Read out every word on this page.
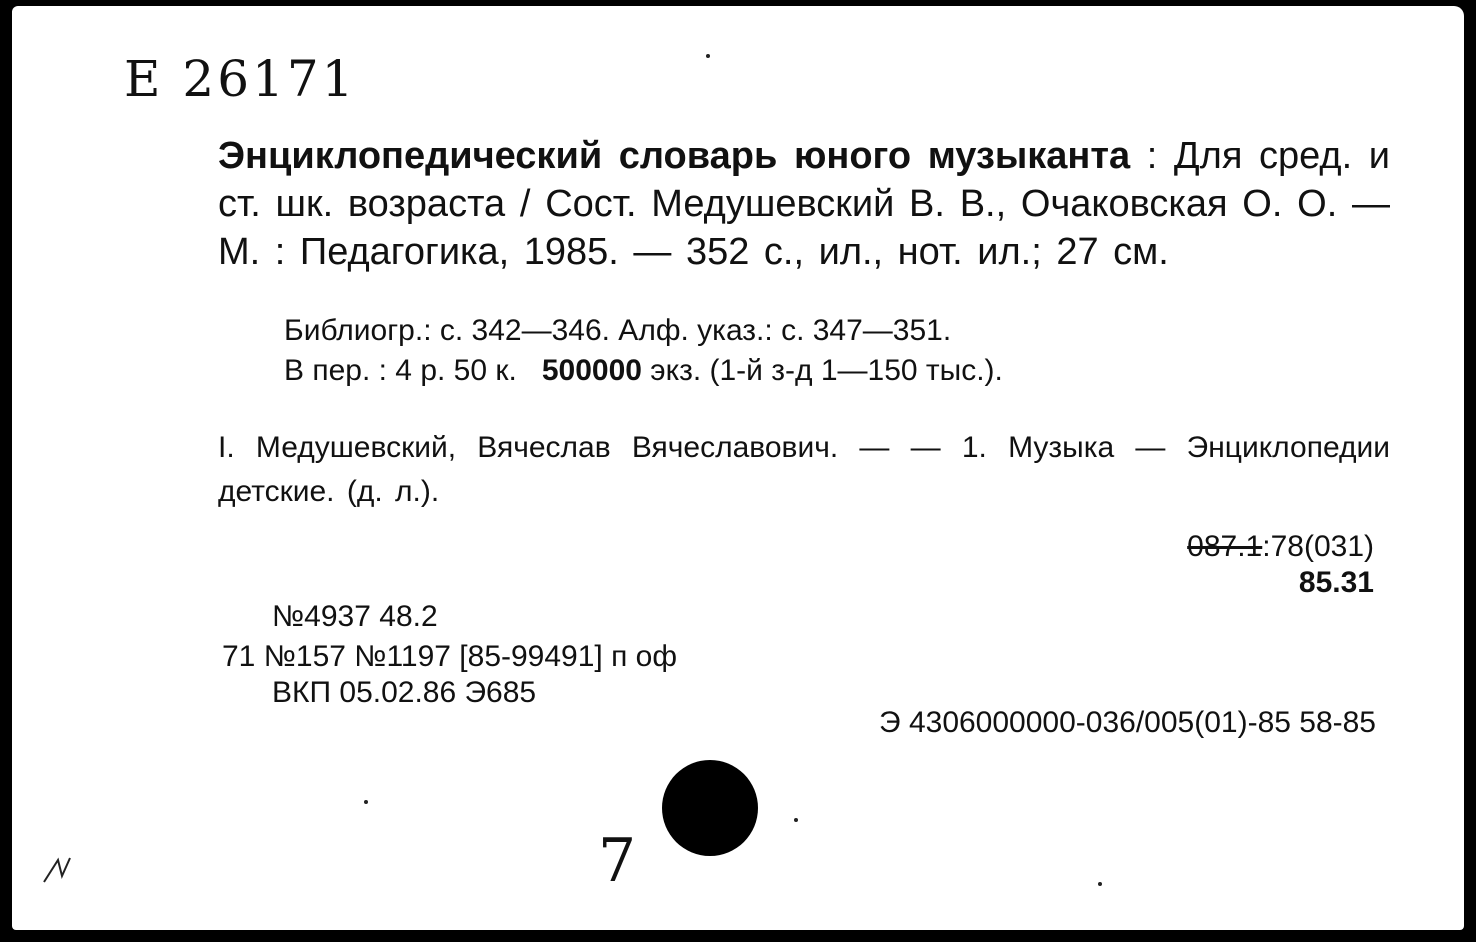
Е 26171
Энциклопедический словарь юного музыканта : Для сред. и ст. шк. возраста / Сост. Медушевский В. В., Очаковская О. О. — М. : Педагогика, 1985. — 352 с., ил., нот. ил.; 27 см.
Библиогр.: с. 342—346. Алф. указ.: с. 347—351.
В пер. : 4 р. 50 к. 500000 экз. (1-й з-д 1—150 тыс.).
I. Медушевский, Вячеслав Вячеславович. — — 1. Музыка — Энциклопедии детские. (д. л.).
087.1:78(031)
85.31
№4937 48.2
71 №157 №1197 [85-99491] п оф
ВКП 05.02.86 Э685
Э 4306000000-036/005(01)-85 58-85
7
